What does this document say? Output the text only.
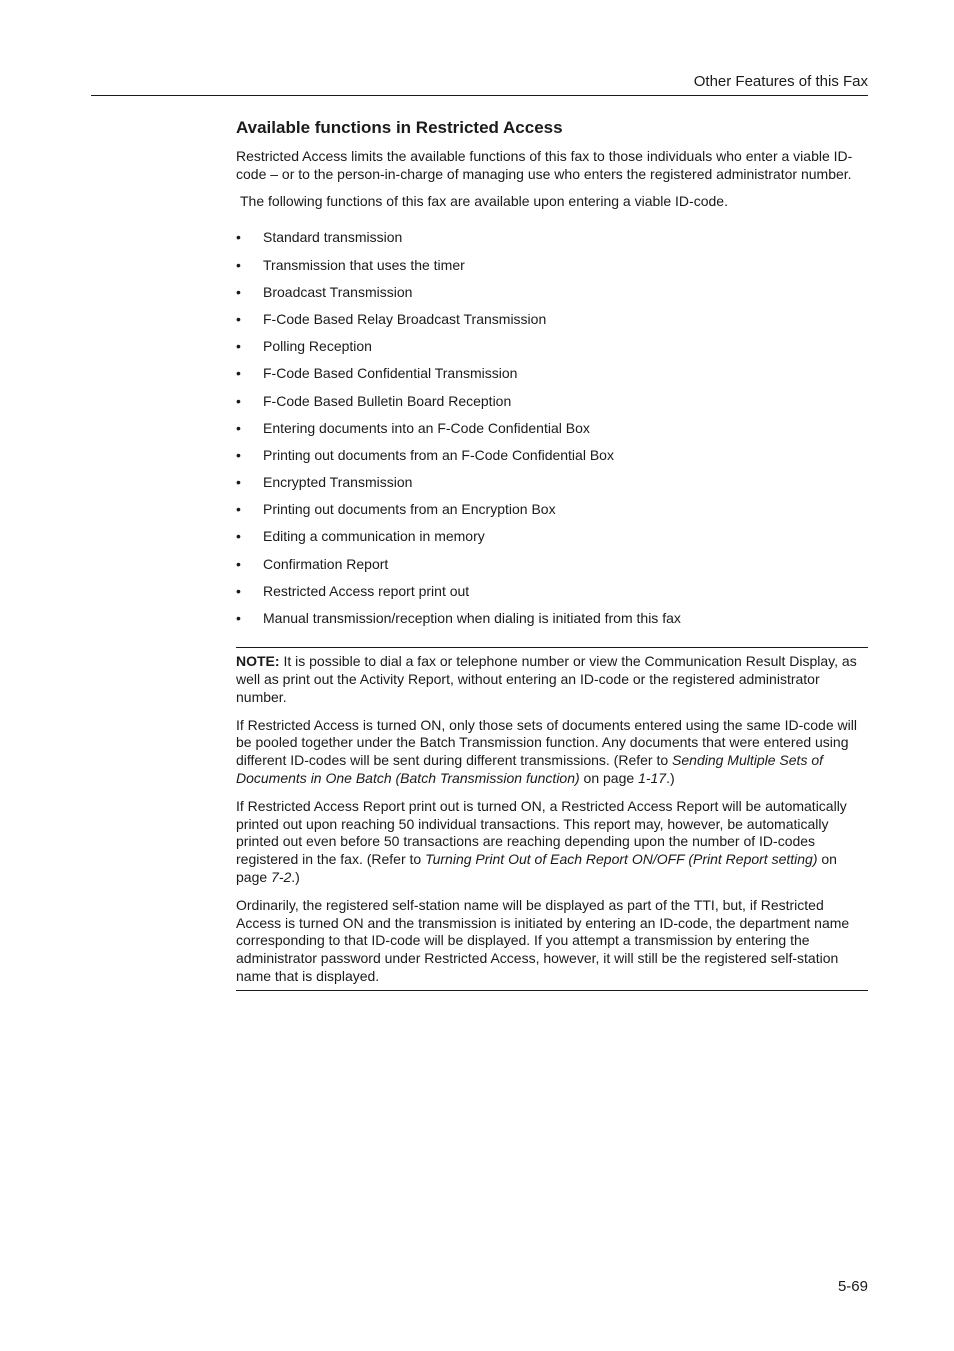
Other Features of this Fax
Available functions in Restricted Access

Restricted Access limits the available functions of this fax to those individuals who enter a viable ID-code – or to the person-in-charge of managing use who enters the registered administrator number.

The following functions of this fax are available upon entering a viable ID-code.

• Standard transmission
• Transmission that uses the timer
• Broadcast Transmission
• F-Code Based Relay Broadcast Transmission
• Polling Reception
• F-Code Based Confidential Transmission
• F-Code Based Bulletin Board Reception
• Entering documents into an F-Code Confidential Box
• Printing out documents from an F-Code Confidential Box
• Encrypted Transmission
• Printing out documents from an Encryption Box
• Editing a communication in memory
• Confirmation Report
• Restricted Access report print out
• Manual transmission/reception when dialing is initiated from this fax

NOTE: It is possible to dial a fax or telephone number or view the Communication Result Display, as well as print out the Activity Report, without entering an ID-code or the registered administrator number.

If Restricted Access is turned ON, only those sets of documents entered using the same ID-code will be pooled together under the Batch Transmission function. Any documents that were entered using different ID-codes will be sent during different transmissions. (Refer to Sending Multiple Sets of Documents in One Batch (Batch Transmission function) on page 1-17.)

If Restricted Access Report print out is turned ON, a Restricted Access Report will be automatically printed out upon reaching 50 individual transactions. This report may, however, be automatically printed out even before 50 transactions are reaching depending upon the number of ID-codes registered in the fax. (Refer to Turning Print Out of Each Report ON/OFF (Print Report setting) on page 7-2.)

Ordinarily, the registered self-station name will be displayed as part of the TTI, but, if Restricted Access is turned ON and the transmission is initiated by entering an ID-code, the department name corresponding to that ID-code will be displayed. If you attempt a transmission by entering the administrator password under Restricted Access, however, it will still be the registered self-station name that is displayed.

5-69
